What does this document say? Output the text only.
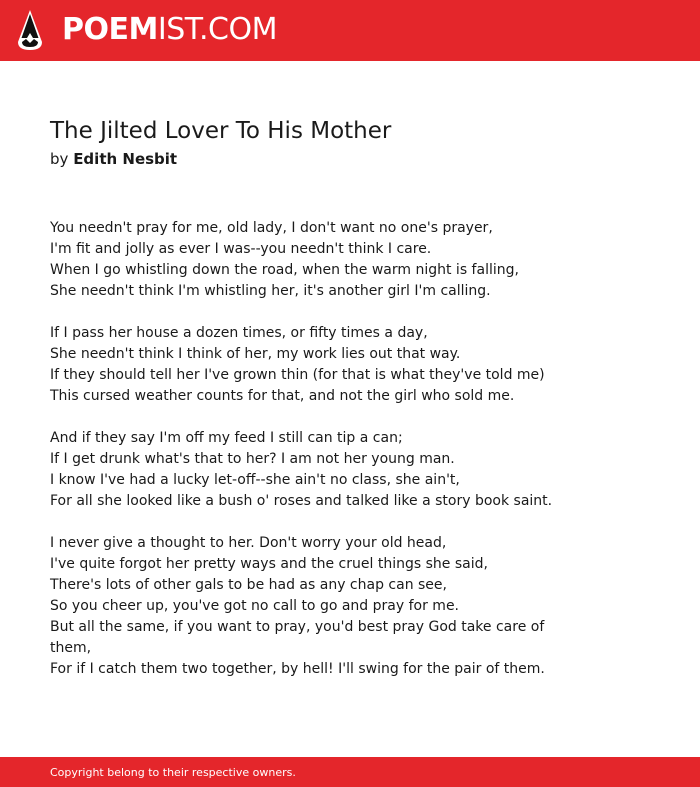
POEMIST.COM
The Jilted Lover To His Mother
by Edith Nesbit
You needn't pray for me, old lady, I don't want no one's prayer,
I'm fit and jolly as ever I was--you needn't think I care.
When I go whistling down the road, when the warm night is falling,
She needn't think I'm whistling her, it's another girl I'm calling.
If I pass her house a dozen times, or fifty times a day,
She needn't think I think of her, my work lies out that way.
If they should tell her I've grown thin (for that is what they've told me)
This cursed weather counts for that, and not the girl who sold me.
And if they say I'm off my feed I still can tip a can;
If I get drunk what's that to her? I am not her young man.
I know I've had a lucky let-off--she ain't no class, she ain't,
For all she looked like a bush o' roses and talked like a story book saint.
I never give a thought to her. Don't worry your old head,
I've quite forgot her pretty ways and the cruel things she said,
There's lots of other gals to be had as any chap can see,
So you cheer up, you've got no call to go and pray for me.
But all the same, if you want to pray, you'd best pray God take care of
them,
For if I catch them two together, by hell! I'll swing for the pair of them.
Copyright belong to their respective owners.
